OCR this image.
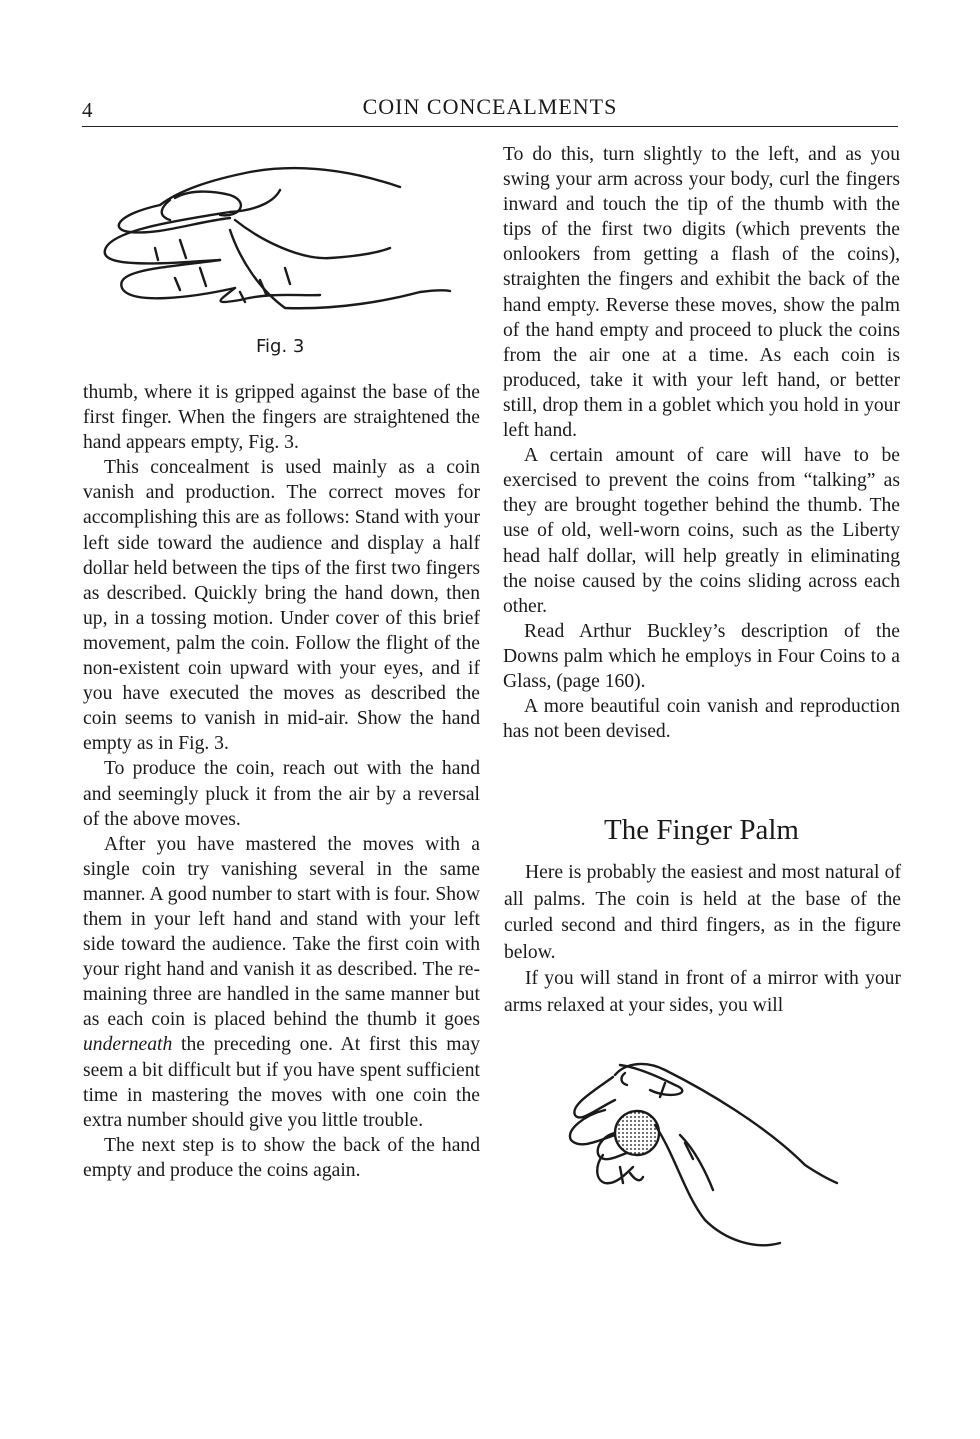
4	COIN CONCEALMENTS
Fig. 3

thumb, where it is gripped against the base of the first finger. When the fingers are straightened the hand appears empty, Fig. 3.

This concealment is used mainly as a coin vanish and production. The correct moves for accomplishing this are as follows: Stand with your left side toward the audience and display a half dollar held between the tips of the first two fingers as described. Quickly bring the hand down, then up, in a tossing motion. Under cover of this brief movement, palm the coin. Follow the flight of the non-existent coin upward with your eyes, and if you have executed the moves as described the coin seems to vanish in mid-air. Show the hand empty as in Fig. 3.

To produce the coin, reach out with the hand and seemingly pluck it from the air by a reversal of the above moves.

After you have mastered the moves with a single coin try vanishing several in the same manner. A good number to start with is four. Show them in your left hand and stand with your left side toward the audience. Take the first coin with your right hand and vanish it as described. The remaining three are handled in the same manner but as each coin is placed behind the thumb it goes underneath the preceding one. At first this may seem a bit difficult but if you have spent sufficient time in mastering the moves with one coin the extra number should give you little trouble.

The next step is to show the back of the hand empty and produce the coins again.

To do this, turn slightly to the left, and as you swing your arm across your body, curl the fingers inward and touch the tip of the thumb with the tips of the first two digits (which prevents the onlookers from getting a flash of the coins), straighten the fingers and exhibit the back of the hand empty. Reverse these moves, show the palm of the hand empty and proceed to pluck the coins from the air one at a time. As each coin is produced, take it with your left hand, or better still, drop them in a goblet which you hold in your left hand.

A certain amount of care will have to be exercised to prevent the coins from “talking” as they are brought together behind the thumb. The use of old, well-worn coins, such as the Liberty head half dollar, will help greatly in eliminating the noise caused by the coins sliding across each other.

Read Arthur Buckley’s description of the Downs palm which he employs in Four Coins to a Glass, (page 160).

A more beautiful coin vanish and reproduction has not been devised.

The Finger Palm

Here is probably the easiest and most natural of all palms. The coin is held at the base of the curled second and third fingers, as in the figure below.

If you will stand in front of a mirror with your arms relaxed at your sides, you will
